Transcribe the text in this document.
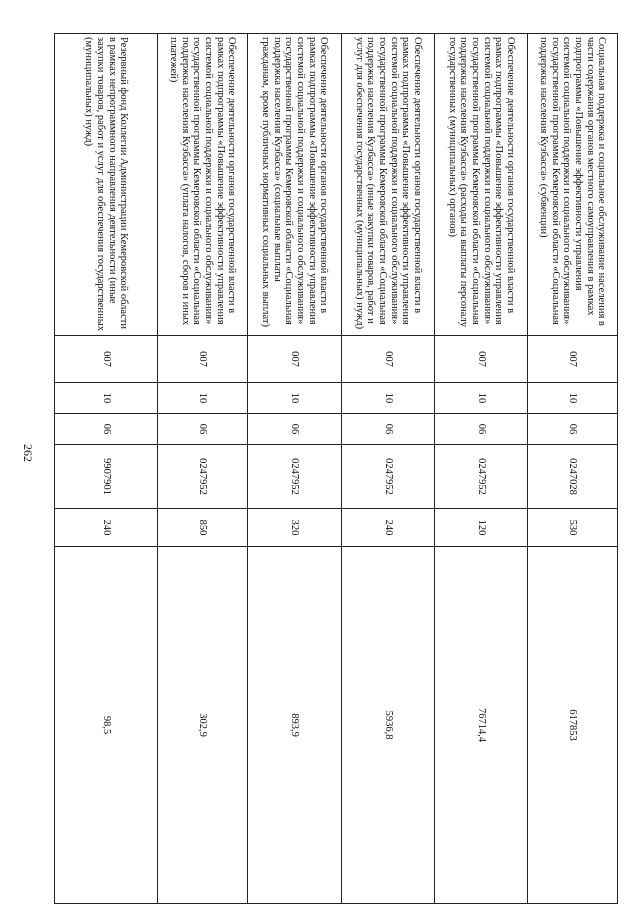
262
Социальная поддержка и социальное обслуживание населения в части содержания органов местного самоуправления в рамках подпрограммы «Повышение эффективности управления системой социальной поддержки и социального обслуживания» государственной программы Кемеровской области «Социальная поддержка населения Кузбасса» (субвенции)	007	10	06	0247028	530	617853
Обеспечение деятельности органов государственной власти в рамках подпрограммы «Повышение эффективности управления системой социальной поддержки и социального обслуживания» государственной программы Кемеровской области «Социальная поддержка населения Кузбасса» (расходы на выплаты персоналу государственных (муниципальных) органов)	007	10	06	0247952	120	76714,4
Обеспечение деятельности органов государственной власти в рамках подпрограммы «Повышение эффективности управления системой социальной поддержки и социального обслуживания» государственной программы Кемеровской области «Социальная поддержка населения Кузбасса» (иные закупки товаров, работ и услуг для обеспечения государственных (муниципальных) нужд)	007	10	06	0247952	240	5936,8
Обеспечение деятельности органов государственной власти в рамках подпрограммы «Повышение эффективности управления системой социальной поддержки и социального обслуживания» государственной программы Кемеровской области «Социальная поддержка населения Кузбасса» (социальные выплаты гражданам, кроме публичных нормативных социальных выплат)	007	10	06	0247952	320	893,9
Обеспечение деятельности органов государственной власти в рамках подпрограммы «Повышение эффективности управления системой социальной поддержки и социального обслуживания» государственной программы Кемеровской области «Социальная поддержка населения Кузбасса» (уплата налогов, сборов и иных платежей)	007	10	06	0247952	850	302,9
Резервный фонд Коллегии Администрации Кемеровской области в рамках непрограммного направления деятельности (иные закупки товаров, работ и услуг для обеспечения государственных (муниципальных) нужд)	007	10	06	9907901	240	98,5
